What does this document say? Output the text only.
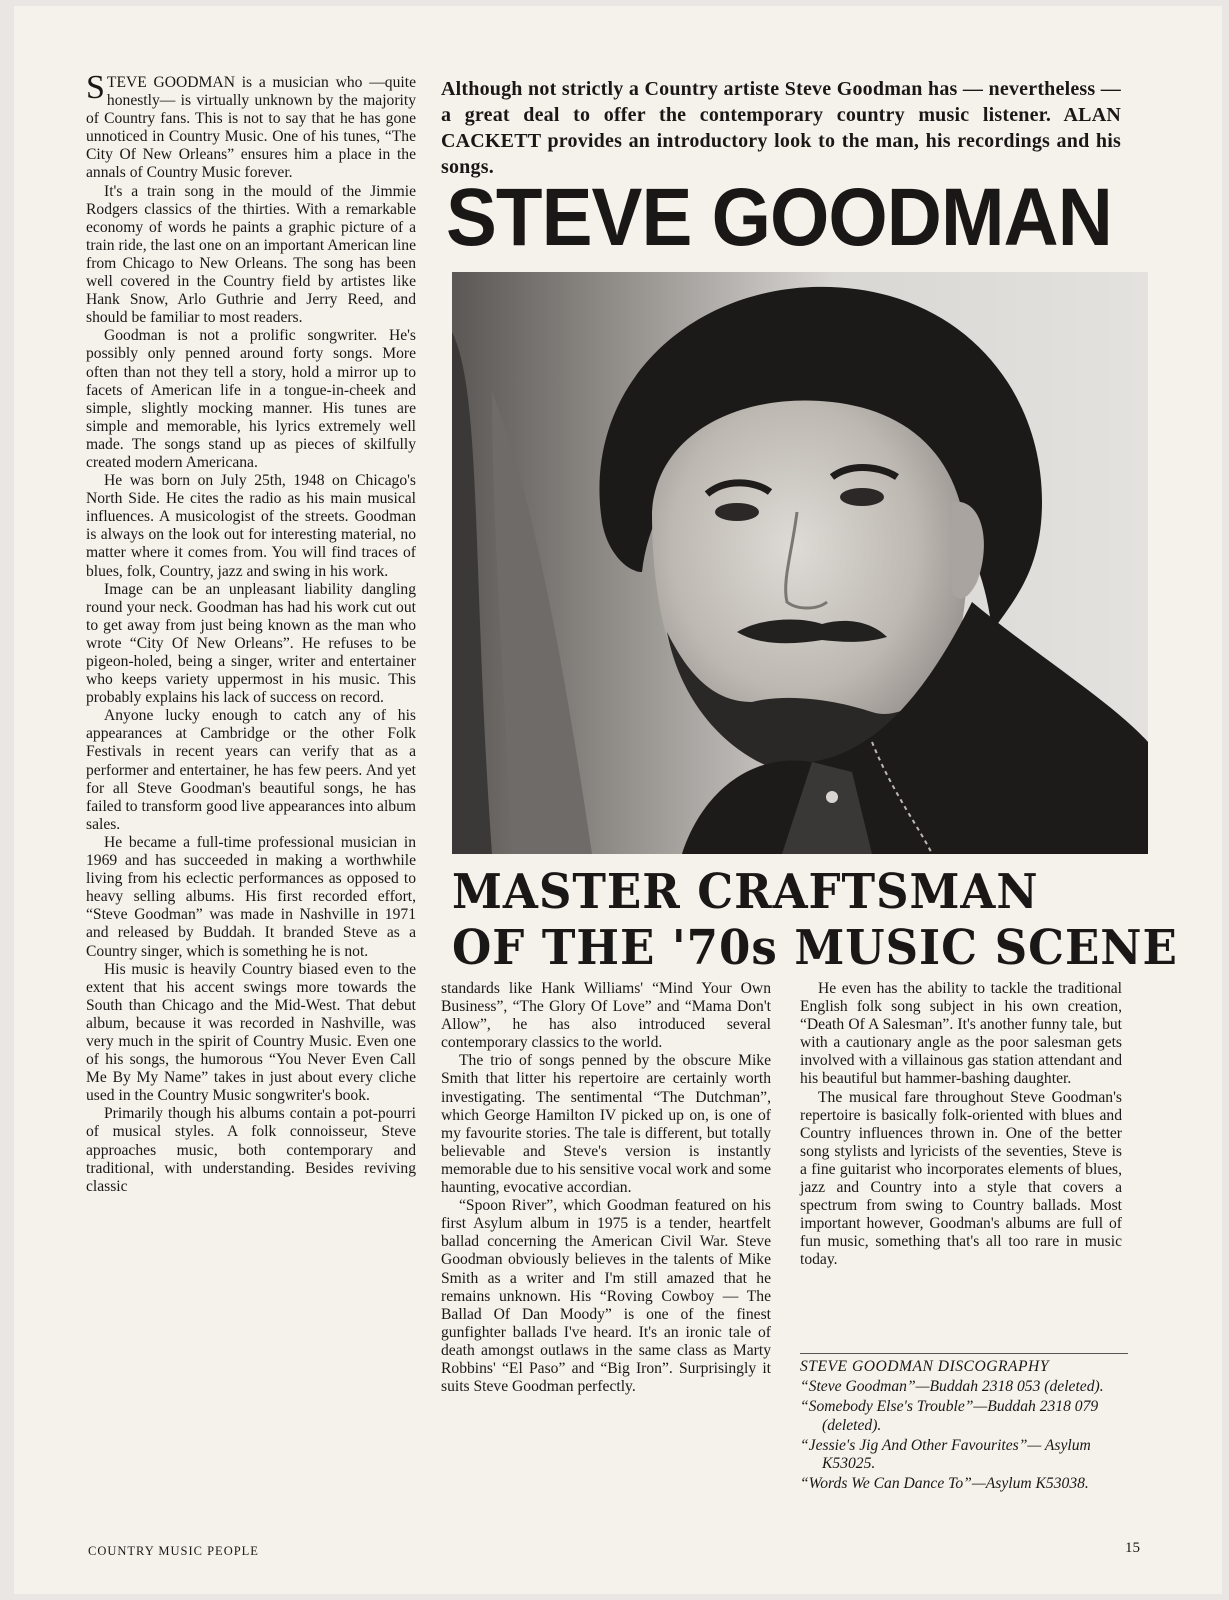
STEVE GOODMAN is a musician who —quite honestly— is virtually unknown by the majority of Country fans. This is not to say that he has gone unnoticed in Country Music. One of his tunes, “The City Of New Orleans” ensures him a place in the annals of Country Music forever.

It's a train song in the mould of the Jimmie Rodgers classics of the thirties. With a remarkable economy of words he paints a graphic picture of a train ride, the last one on an important American line from Chicago to New Orleans. The song has been well covered in the Country field by artistes like Hank Snow, Arlo Guthrie and Jerry Reed, and should be familiar to most readers.

Goodman is not a prolific songwriter. He's possibly only penned around forty songs. More often than not they tell a story, hold a mirror up to facets of American life in a tongue-in-cheek and simple, slightly mocking manner. His tunes are simple and memorable, his lyrics extremely well made. The songs stand up as pieces of skilfully created modern Americana.

He was born on July 25th, 1948 on Chicago's North Side. He cites the radio as his main musical influences. A musicologist of the streets. Goodman is always on the look out for interesting material, no matter where it comes from. You will find traces of blues, folk, Country, jazz and swing in his work.

Image can be an unpleasant liability dangling round your neck. Goodman has had his work cut out to get away from just being known as the man who wrote “City Of New Orleans”. He refuses to be pigeon-holed, being a singer, writer and entertainer who keeps variety uppermost in his music. This probably explains his lack of success on record.

Anyone lucky enough to catch any of his appearances at Cambridge or the other Folk Festivals in recent years can verify that as a performer and entertainer, he has few peers. And yet for all Steve Goodman's beautiful songs, he has failed to transform good live appearances into album sales.

He became a full-time professional musician in 1969 and has succeeded in making a worthwhile living from his eclectic performances as opposed to heavy selling albums. His first recorded effort, “Steve Goodman” was made in Nashville in 1971 and released by Buddah. It branded Steve as a Country singer, which is something he is not.

His music is heavily Country biased even to the extent that his accent swings more towards the South than Chicago and the Mid-West. That debut album, because it was recorded in Nashville, was very much in the spirit of Country Music. Even one of his songs, the humorous “You Never Even Call Me By My Name” takes in just about every cliche used in the Country Music songwriter's book.

Primarily though his albums contain a pot-pourri of musical styles. A folk connoisseur, Steve approaches music, both contemporary and traditional, with understanding. Besides reviving classic

Although not strictly a Country artiste Steve Goodman has — nevertheless — a great deal to offer the contemporary country music listener. ALAN CACKETT provides an introductory look to the man, his recordings and his songs.
STEVE GOODMAN
MASTER CRAFTSMAN
OF THE '70s MUSIC SCENE

standards like Hank Williams' “Mind Your Own Business”, “The Glory Of Love” and “Mama Don't Allow”, he has also introduced several contemporary classics to the world.

The trio of songs penned by the obscure Mike Smith that litter his repertoire are certainly worth investigating. The sentimental “The Dutchman”, which George Hamilton IV picked up on, is one of my favourite stories. The tale is different, but totally believable and Steve's version is instantly memorable due to his sensitive vocal work and some haunting, evocative accordian.

“Spoon River”, which Goodman featured on his first Asylum album in 1975 is a tender, heartfelt ballad concerning the American Civil War. Steve Goodman obviously believes in the talents of Mike Smith as a writer and I'm still amazed that he remains unknown. His “Roving Cowboy — The Ballad Of Dan Moody” is one of the finest gunfighter ballads I've heard. It's an ironic tale of death amongst outlaws in the same class as Marty Robbins' “El Paso” and “Big Iron”. Surprisingly it suits Steve Goodman perfectly.

He even has the ability to tackle the traditional English folk song subject in his own creation, “Death Of A Salesman”. It's another funny tale, but with a cautionary angle as the poor salesman gets involved with a villainous gas station attendant and his beautiful but hammer-bashing daughter.

The musical fare throughout Steve Goodman's repertoire is basically folk-oriented with blues and Country influences thrown in. One of the better song stylists and lyricists of the seventies, Steve is a fine guitarist who incorporates elements of blues, jazz and Country into a style that covers a spectrum from swing to Country ballads. Most important however, Goodman's albums are full of fun music, something that's all too rare in music today.

STEVE GOODMAN DISCOGRAPHY

“Steve Goodman”—Buddah 2318 053 (deleted).

“Somebody Else's Trouble”—Buddah 2318 079 (deleted).

“Jessie's Jig And Other Favourites”— Asylum K53025.

“Words We Can Dance To”—Asylum K53038.

COUNTRY MUSIC PEOPLE	15
